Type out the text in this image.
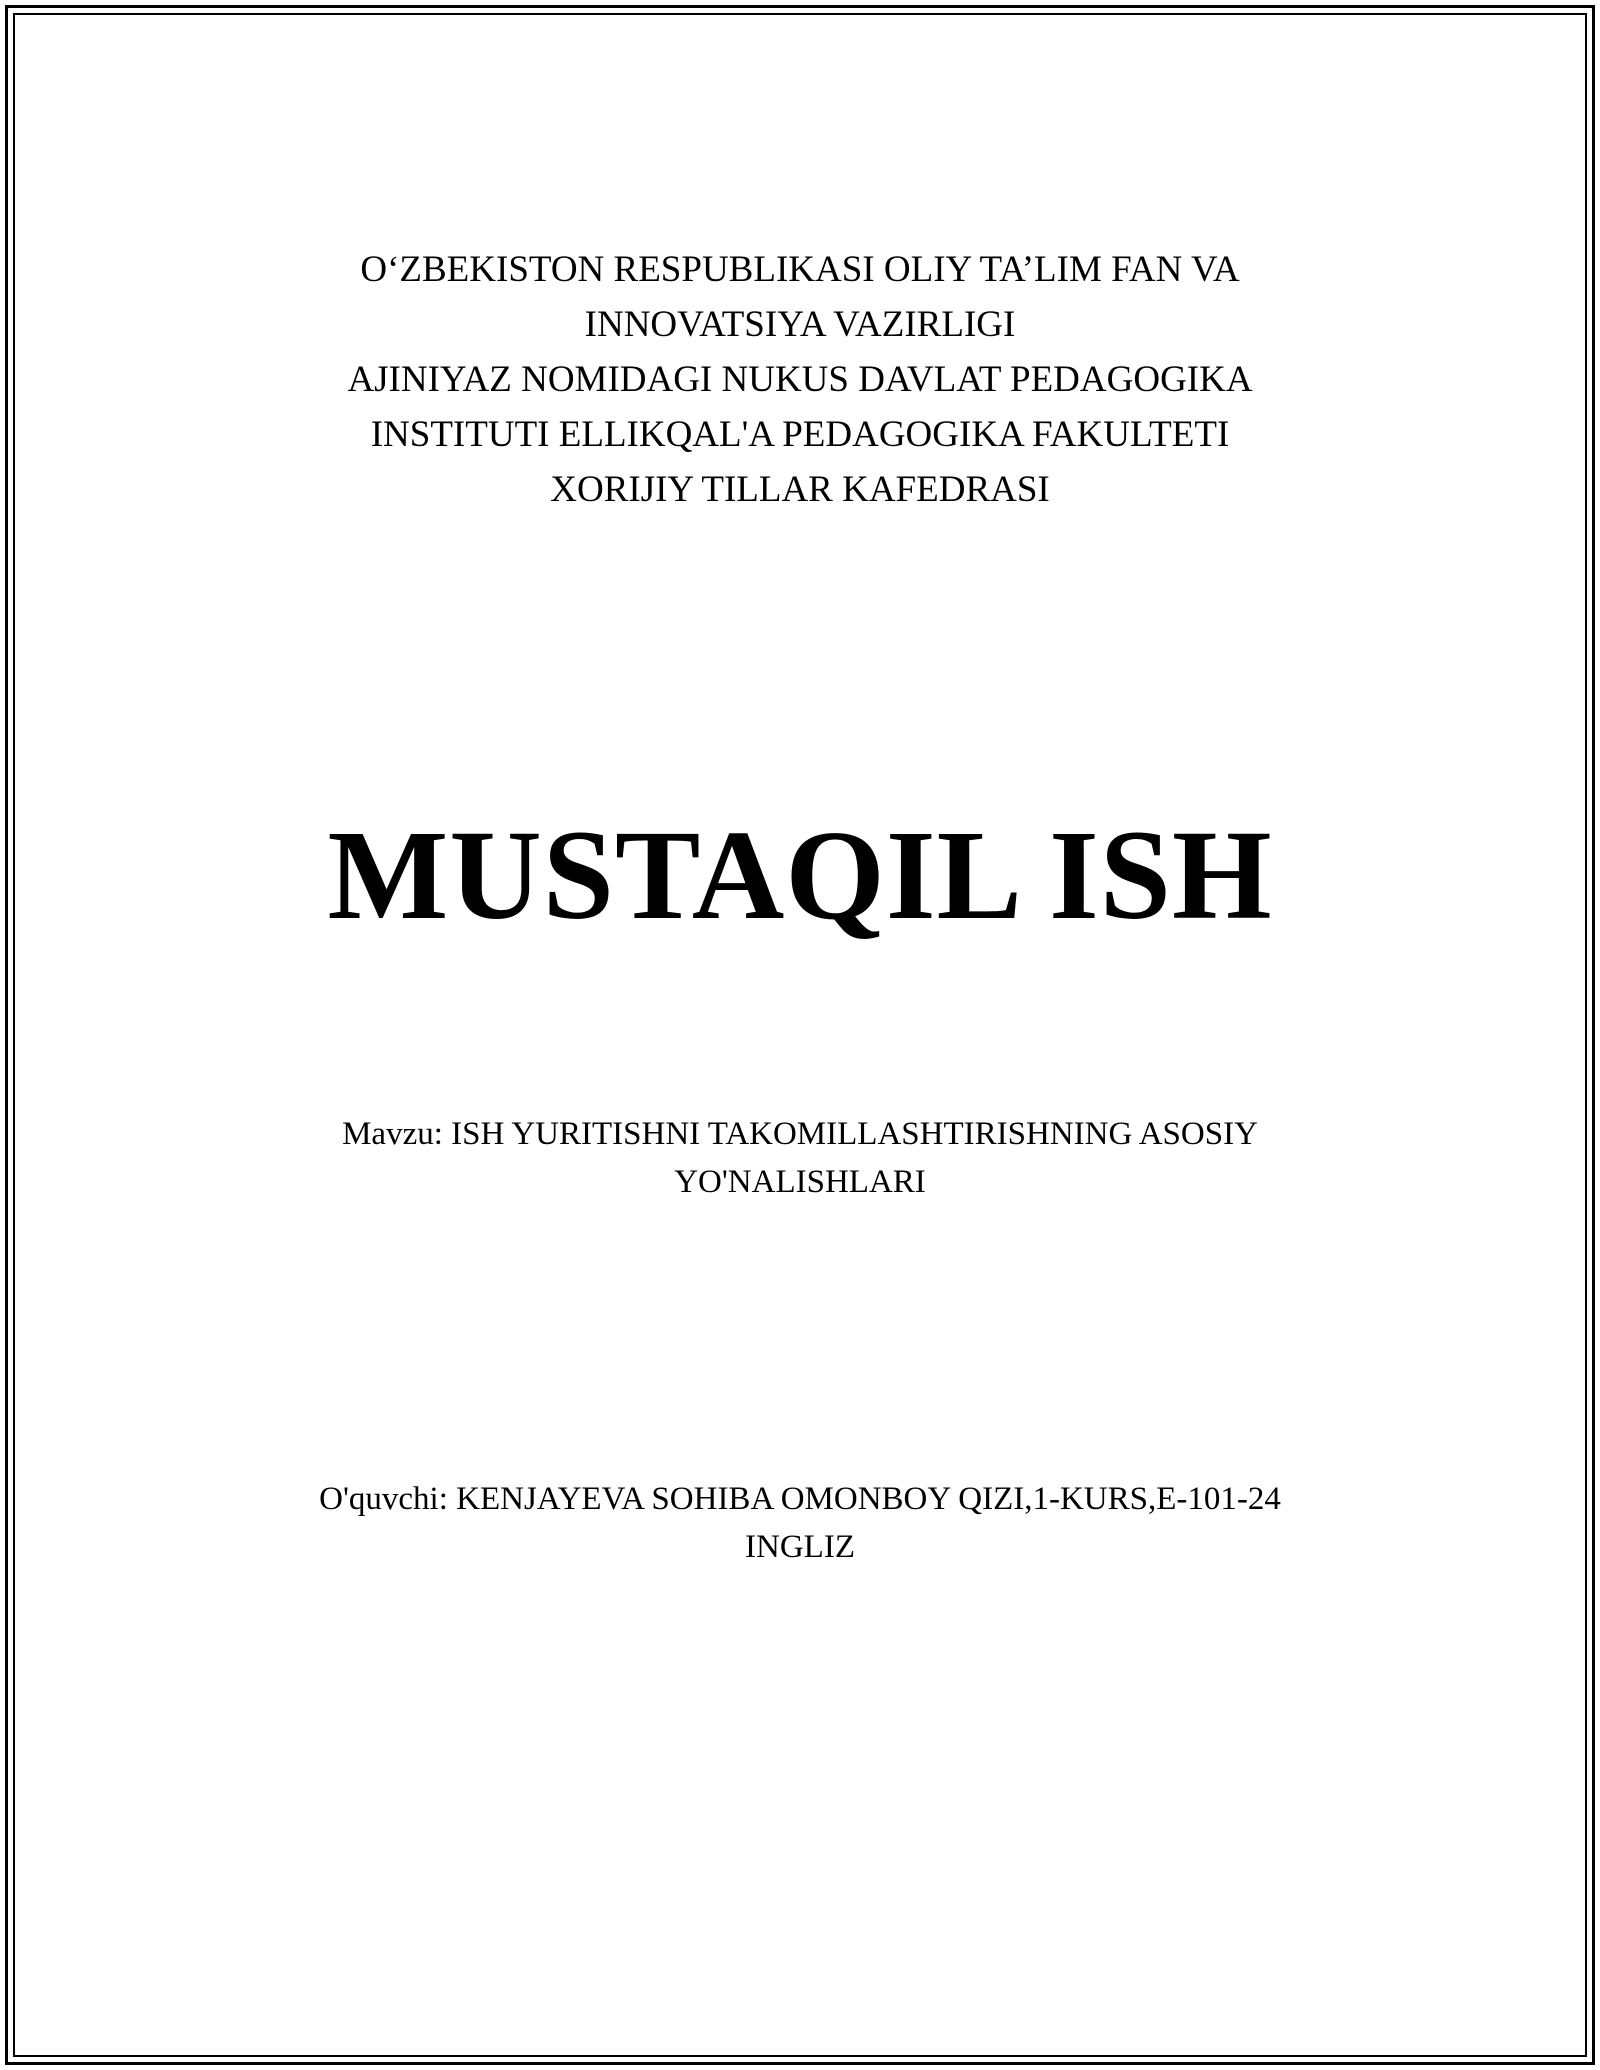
O‘ZBEKISTON RESPUBLIKASI OLIY TA’LIM FAN VA
INNOVATSIYA VAZIRLIGI
AJINIYAZ NOMIDAGI NUKUS DAVLAT PEDAGOGIKA
INSTITUTI ELLIKQAL'A PEDAGOGIKA FAKULTETI
XORIJIY TILLAR KAFEDRASI
MUSTAQIL ISH
Mavzu: ISH YURITISHNI TAKOMILLASHTIRISHNING ASOSIY
YO'NALISHLARI
O'quvchi: KENJAYEVA SOHIBA OMONBOY QIZI,1-KURS,E-101-24
INGLIZ
